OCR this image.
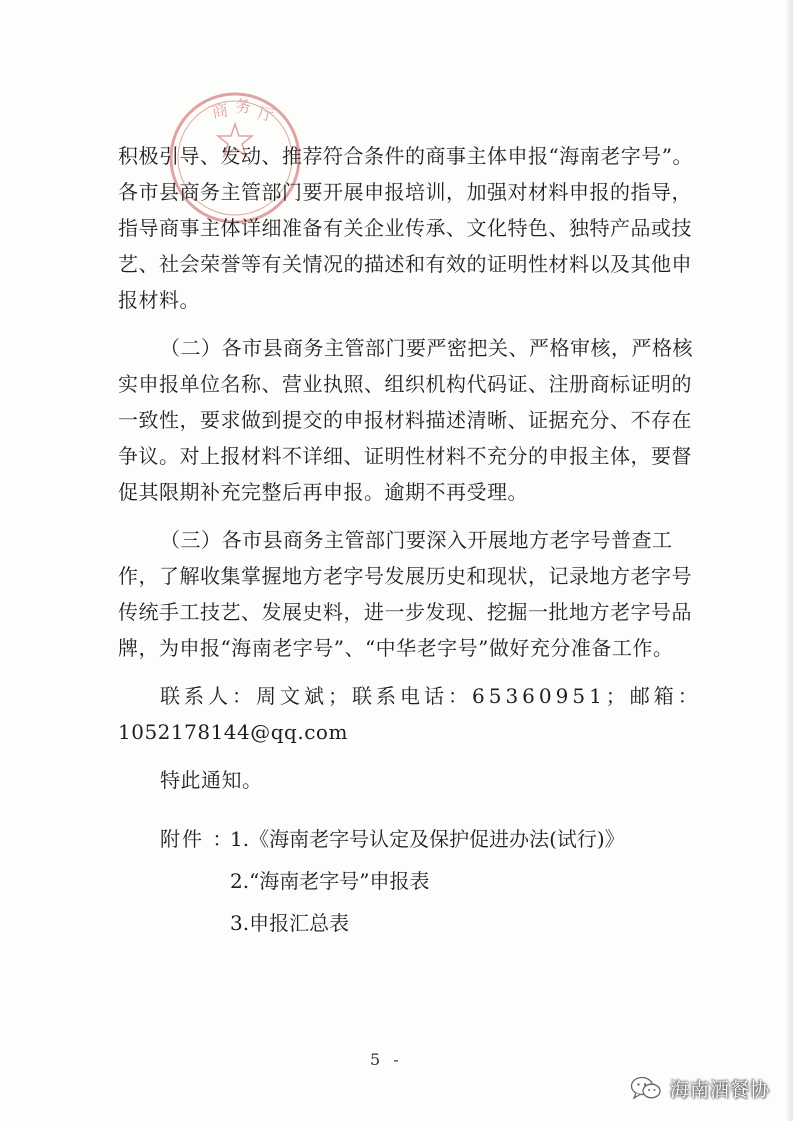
商 务 厅
积极引导、发动、推荐符合条件的商事主体申报“海南老字号”。
各市县商务主管部门要开展申报培训，加强对材料申报的指导，
指导商事主体详细准备有关企业传承、文化特色、独特产品或技
艺、社会荣誉等有关情况的描述和有效的证明性材料以及其他申
报材料。
（二）各市县商务主管部门要严密把关、严格审核，严格核
实申报单位名称、营业执照、组织机构代码证、注册商标证明的
一致性，要求做到提交的申报材料描述清晰、证据充分、不存在
争议。对上报材料不详细、证明性材料不充分的申报主体，要督
促其限期补充完整后再申报。逾期不再受理。
（三）各市县商务主管部门要深入开展地方老字号普查工
作，了解收集掌握地方老字号发展历史和现状，记录地方老字号
传统手工技艺、发展史料，进一步发现、挖掘一批地方老字号品
牌，为申报“海南老字号”、“中华老字号”做好充分准备工作。
联系人：周文斌；联系电话：65360951；邮箱：
1052178144@qq.com
特此通知。
附件 ：1.《海南老字号认定及保护促进办法(试行)》
2.“海南老字号”申报表
3.申报汇总表
5 -
海南酒餐协
